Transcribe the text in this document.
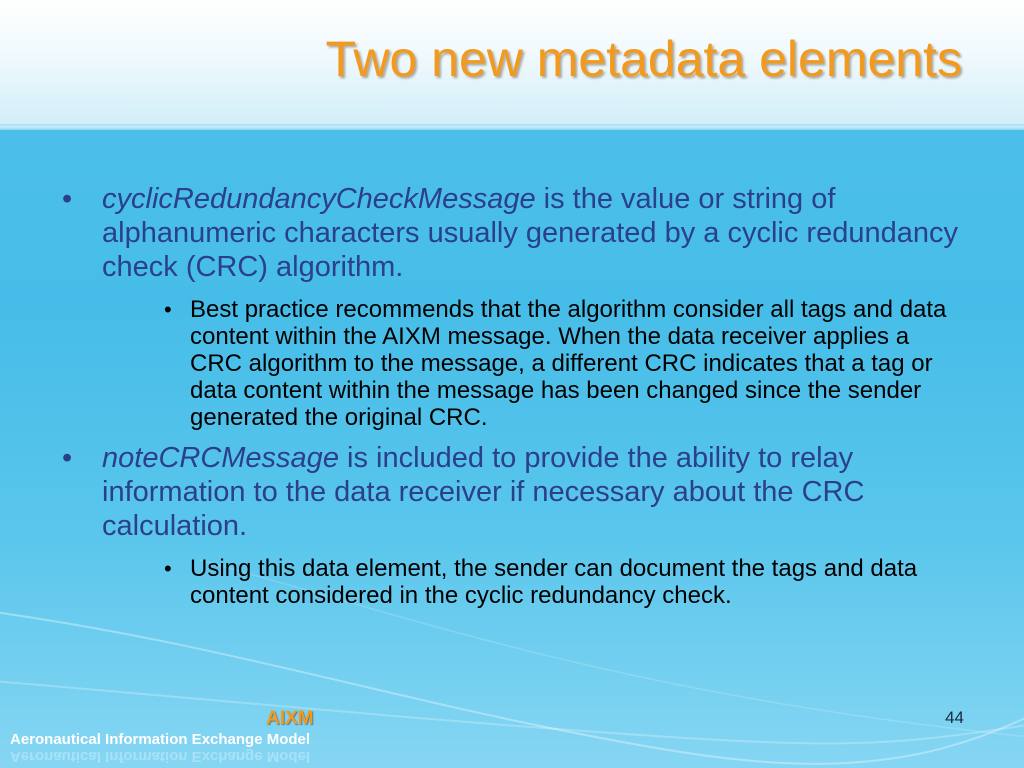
Two new metadata elements
• cyclicRedundancyCheckMessage is the value or string of alphanumeric characters usually generated by a cyclic redundancy check (CRC) algorithm.
• Best practice recommends that the algorithm consider all tags and data content within the AIXM message. When the data receiver applies a CRC algorithm to the message, a different CRC indicates that a tag or data content within the message has been changed since the sender generated the original CRC.
• noteCRCMessage is included to provide the ability to relay information to the data receiver if necessary about the CRC calculation.
• Using this data element, the sender can document the tags and data content considered in the cyclic redundancy check.
AIXM
Aeronautical Information Exchange Model
Aeronautical Information Exchange Model
44
